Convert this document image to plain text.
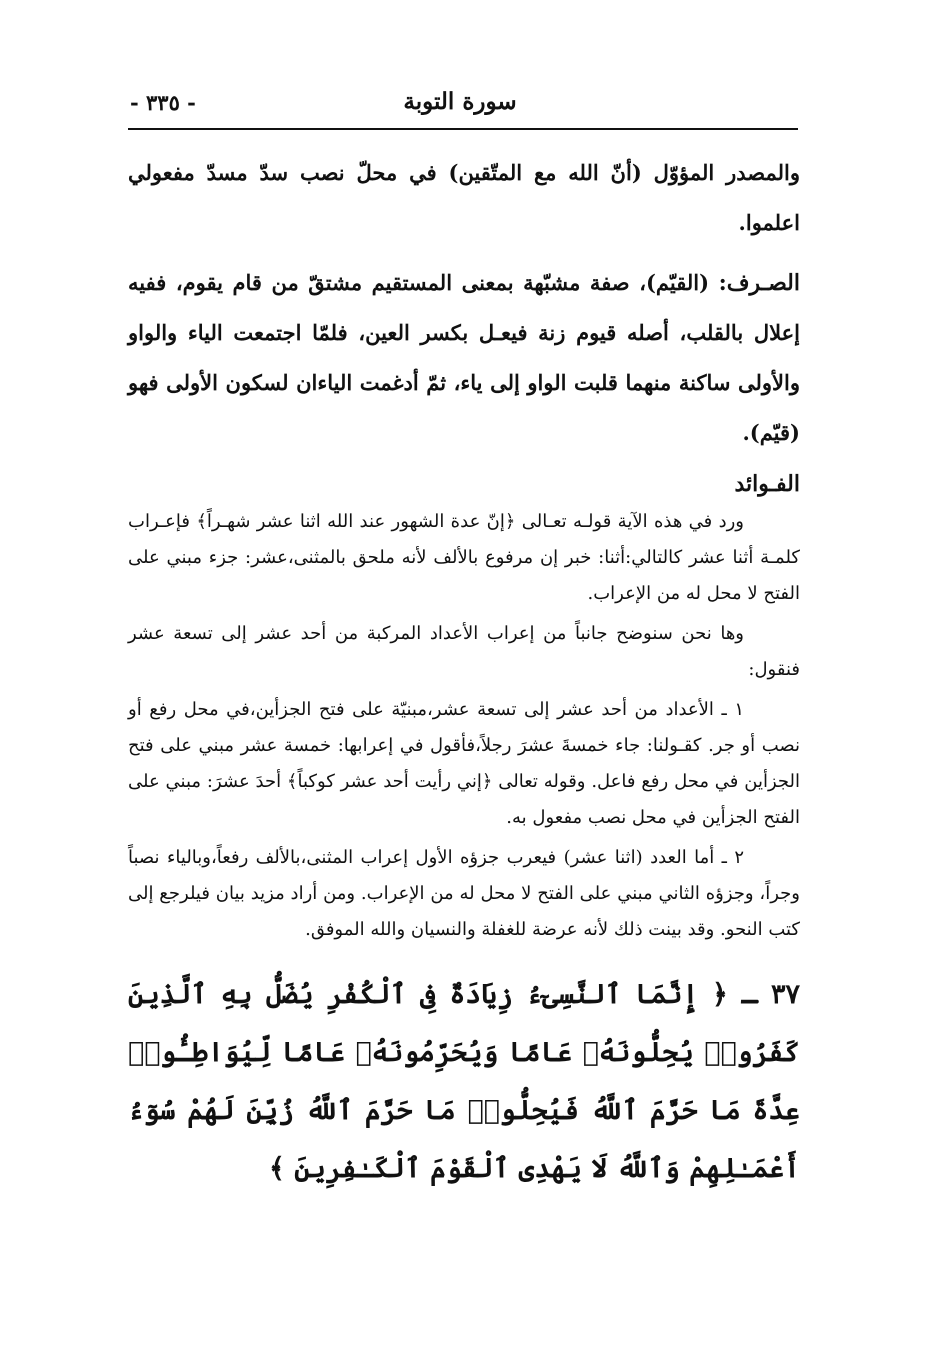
سورة التوبة
- ٣٣٥ -

والمصدر المؤوّل (أنّ الله مع المتّقين) في محلّ نصب سدّ مسدّ مفعولي اعلموا.

الصـرف: (القيّم)، صفة مشبّهة بمعنى المستقيم مشتقّ من قام يقوم، ففيه إعلال بالقلب، أصله قيوم زنة فيعـل بكسر العين، فلمّا اجتمعت الياء والواو والأولى ساكنة منهما قلبت الواو إلى ياء، ثمّ أدغمت الياءان لسكون الأولى فهو (قيّم).

الفـوائد

ورد في هذه الآية قولـه تعـالى ﴿إنّ عدة الشهور عند الله اثنا عشر شهـراً﴾ فإعـراب كلمـة أثنا عشر كالتالي:أثنا: خبر إن مرفوع بالألف لأنه ملحق بالمثنى،عشر: جزء مبني على الفتح لا محل له من الإعراب.

وها نحن سنوضح جانباً من إعراب الأعداد المركبة من أحد عشر إلى تسعة عشر فنقول:

١ ـ الأعداد من أحد عشر إلى تسعة عشر،مبنيّة على فتح الجزأين،في محل رفع أو نصب أو جر. كقـولنا: جاء خمسةَ عشرَ رجلاً،فأقول في إعرابها: خمسة عشر مبني على فتح الجزأين في محل رفع فاعل. وقوله تعالى ﴿إني رأيت أحد عشر كوكباً﴾ أحدَ عشرَ: مبني على الفتح الجزأين في محل نصب مفعول به.

٢ ـ أما العدد (اثنا عشر) فيعرب جزؤه الأول إعراب المثنى،بالألف رفعاً،وبالياء نصباً وجراً، وجزؤه الثاني مبني على الفتح لا محل له من الإعراب. ومن أراد مزيد بيان فيلرجع إلى كتب النحو. وقد بينت ذلك لأنه عرضة للغفلة والنسيان والله الموفق.

٣٧ ـ ﴿ إِنَّمَا ٱلنَّسِىٓءُ زِيَادَةٌ فِى ٱلْكُفْرِ يُضَلُّ بِهِ ٱلَّذِينَ كَفَرُوا۟ يُحِلُّونَهُۥ عَامًا وَيُحَرِّمُونَهُۥ عَامًا لِّيُوَاطِـُٔوا۟ عِدَّةَ مَا حَرَّمَ ٱللَّهُ فَيُحِلُّوا۟ مَا حَرَّمَ ٱللَّهُ زُيِّنَ لَهُمْ سُوٓءُ أَعْمَـٰلِهِمْ وَٱللَّهُ لَا يَهْدِى ٱلْقَوْمَ ٱلْكَـٰفِرِينَ ﴾
